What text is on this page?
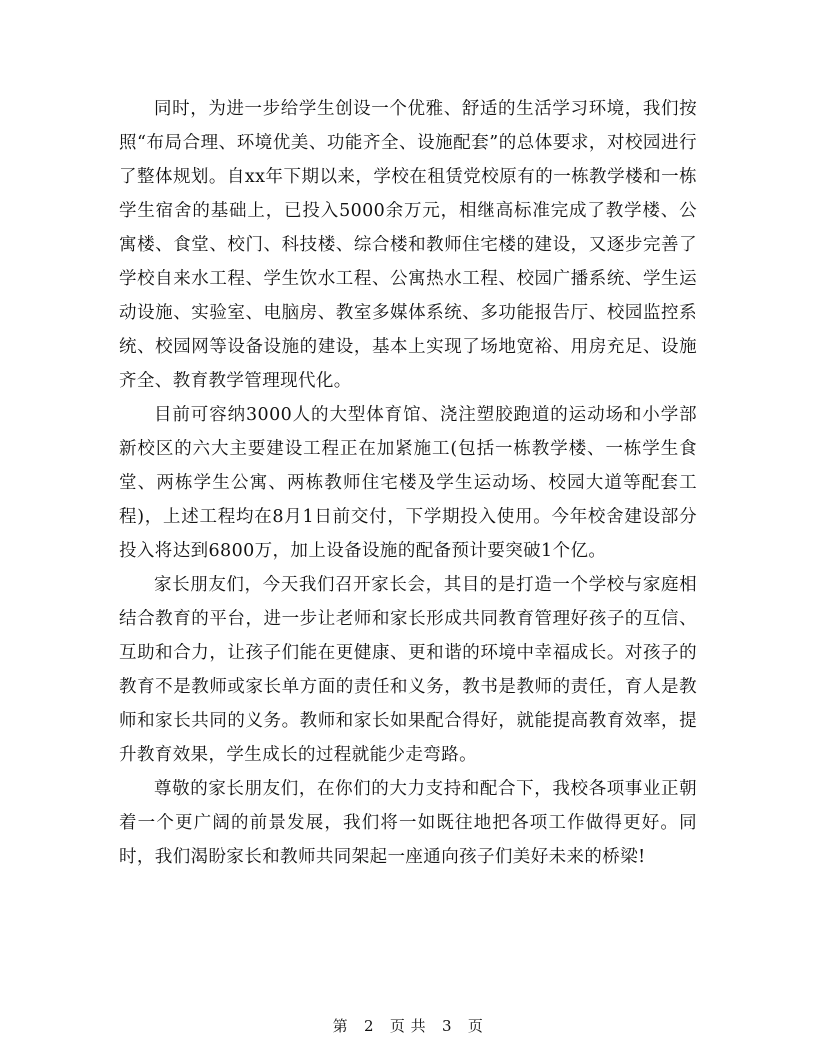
同时，为进一步给学生创设一个优雅、舒适的生活学习环境，我们按照“布局合理、环境优美、功能齐全、设施配套”的总体要求，对校园进行了整体规划。自xx年下期以来，学校在租赁党校原有的一栋教学楼和一栋学生宿舍的基础上，已投入5000余万元，相继高标准完成了教学楼、公寓楼、食堂、校门、科技楼、综合楼和教师住宅楼的建设，又逐步完善了学校自来水工程、学生饮水工程、公寓热水工程、校园广播系统、学生运动设施、实验室、电脑房、教室多媒体系统、多功能报告厅、校园监控系统、校园网等设备设施的建设，基本上实现了场地宽裕、用房充足、设施齐全、教育教学管理现代化。

目前可容纳3000人的大型体育馆、浇注塑胶跑道的运动场和小学部新校区的六大主要建设工程正在加紧施工(包括一栋教学楼、一栋学生食堂、两栋学生公寓、两栋教师住宅楼及学生运动场、校园大道等配套工程)，上述工程均在8月1日前交付，下学期投入使用。今年校舍建设部分投入将达到6800万，加上设备设施的配备预计要突破1个亿。

家长朋友们，今天我们召开家长会，其目的是打造一个学校与家庭相结合教育的平台，进一步让老师和家长形成共同教育管理好孩子的互信、互助和合力，让孩子们能在更健康、更和谐的环境中幸福成长。对孩子的教育不是教师或家长单方面的责任和义务，教书是教师的责任，育人是教师和家长共同的义务。教师和家长如果配合得好，就能提高教育效率，提升教育效果，学生成长的过程就能少走弯路。

尊敬的家长朋友们，在你们的大力支持和配合下，我校各项事业正朝着一个更广阔的前景发展，我们将一如既往地把各项工作做得更好。同时，我们渴盼家长和教师共同架起一座通向孩子们美好未来的桥梁!

第 2 页 共 3 页
